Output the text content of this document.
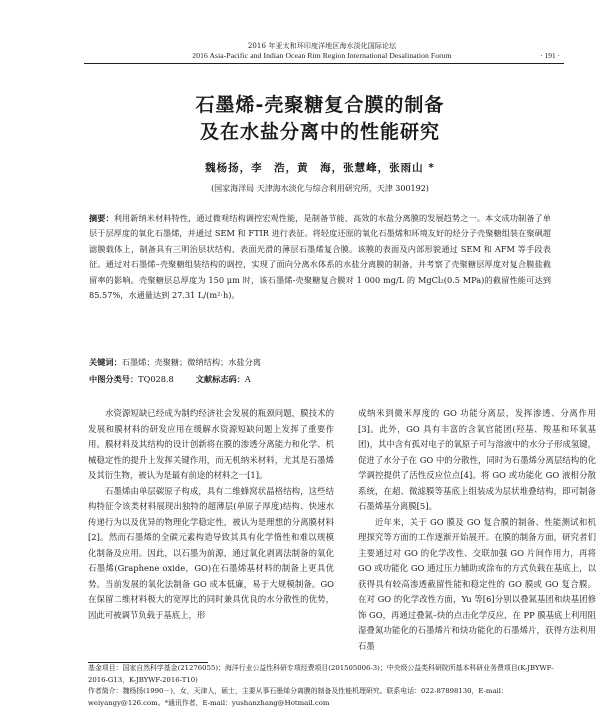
2016 年亚太和环印度洋地区海水淡化国际论坛
2016 Asia-Pacific and Indian Ocean Rim Region International Desalination Forum	· 191 ·
石墨烯-壳聚糖复合膜的制备
及在水盐分离中的性能研究
魏杨扬，李　浩，黄　海，张慧峰，张雨山 *
(国家海洋局 天津海水淡化与综合利用研究所，天津 300192)
摘要：利用新纳米材料特性，通过微观结构调控宏观性能，是制备节能、高效的水盐分离膜的发展趋势之一。本文成功制备了单层于层厚度的氧化石墨烯，并通过 SEM 和 FTIR 进行表征。将轻度还原的氧化石墨烯和环境友好的烃分子壳聚糖组装在聚砜超滤膜载体上，制备具有三明治层状结构、表面光滑的薄层石墨烯复合膜。该膜的表面及内部形貌通过 SEM 和 AFM 等手段表征。通过对石墨烯–壳聚糖组装结构的调控，实现了面向分离水体系的水盐分离膜的制备，并考察了壳聚糖层厚度对复合膜盐截留率的影响。壳聚糖层总厚度为 150 μm 时，该石墨烯-壳聚糖复合膜对 1 000 mg/L 的 MgCl₂(0.5 MPa)的截留性能可达到 85.57%，水通量达到 27.31 L/(m²·h)。
关键词：石墨烯；壳聚糖；微纳结构；水盐分离
中图分类号：TQ028.8	文献标志码：A

水资源短缺已经成为制约经济社会发展的瓶颈问题，膜技术的发展和膜材料的研发应用在缓解水资源短缺问题上发挥了重要作用。膜材料及其结构的设计创新将在膜的渗透分离能力和化学、机械稳定性的提升上发挥关键作用，而无机纳米材料，尤其是石墨烯及其衍生物，被认为是最有前途的材料之一[1]。

石墨烯由单层碳原子构成，具有二维蜂窝状晶格结构，这些结构特征令该类材料展现出独特的超薄层(单原子厚度)结构、快速水传递行为以及优异的物理化学稳定性，被认为是理想的分离膜材料[2]。然而石墨烯的全碳元素构造导致其具有化学惰性和难以规模化制备及应用。因此，以石墨为前源，通过氧化剥离法制备的氧化石墨烯(Graphene oxide，GO)在石墨烯基材料的制备上更具优势。当前发展的氧化法制备 GO 成本低廉，易于大规模制备。GO 在保留二维材料极大的宽厚比的同时兼具优良的水分散性的优势，因此可被调节负载于基底上，形

成纳米到微米厚度的 GO 功能分离层，发挥渗透、分离作用[3]。此外，GO 具有丰富的含氧官能团(羟基、羧基和环氧基团)，其中含有孤对电子的氧原子可与溶液中的水分子形成氢键，促进了水分子在 GO 中的分散性，同时为石墨烯分离层结构的化学调控提供了活性反应位点[4]。将 GO 或功能化 GO 液相分散系统，在超、微滤膜等基底上组装成为层状堆叠结构，即可制备石墨烯基分离膜[5]。

近年来，关于 GO 膜及 GO 复合膜的制备、性能测试和机理探究等方面的工作逐渐开始展开。在膜的制备方面，研究者们主要通过对 GO 的化学改性、交联加强 GO 片间作用力，再将 GO 或功能化 GO 通过压力辅助或涂布的方式负载在基底上，以获得具有较高渗透截留性能和稳定性的 GO 膜或 GO 复合膜。在对 GO 的化学改性方面，Yu 等[6]分别以叠氮基团和炔基团修饰 GO，再通过叠氮–炔的点击化学反应，在 PP 膜基底上利用阻湿叠氮功能化的石墨烯片和炔功能化的石墨烯片，获得方法利用石墨

基金项目：国家自然科学基金(21276055)；海洋行业公益性科研专项经费项目(201505006-3)；中央级公益类科研院所基本科研业务费项目(K-JBYWF-2016-G13，K-JBYWF-2016-T10)
作者简介：魏杨扬(1990－)，女，天津人，硕士，主要从事石墨烯分离膜的制备及性能机理研究。联系电话：022-87898130，E-mail：weiyangy@126.com。*通讯作者，E-mail：yushanzhang@Hotmail.com
